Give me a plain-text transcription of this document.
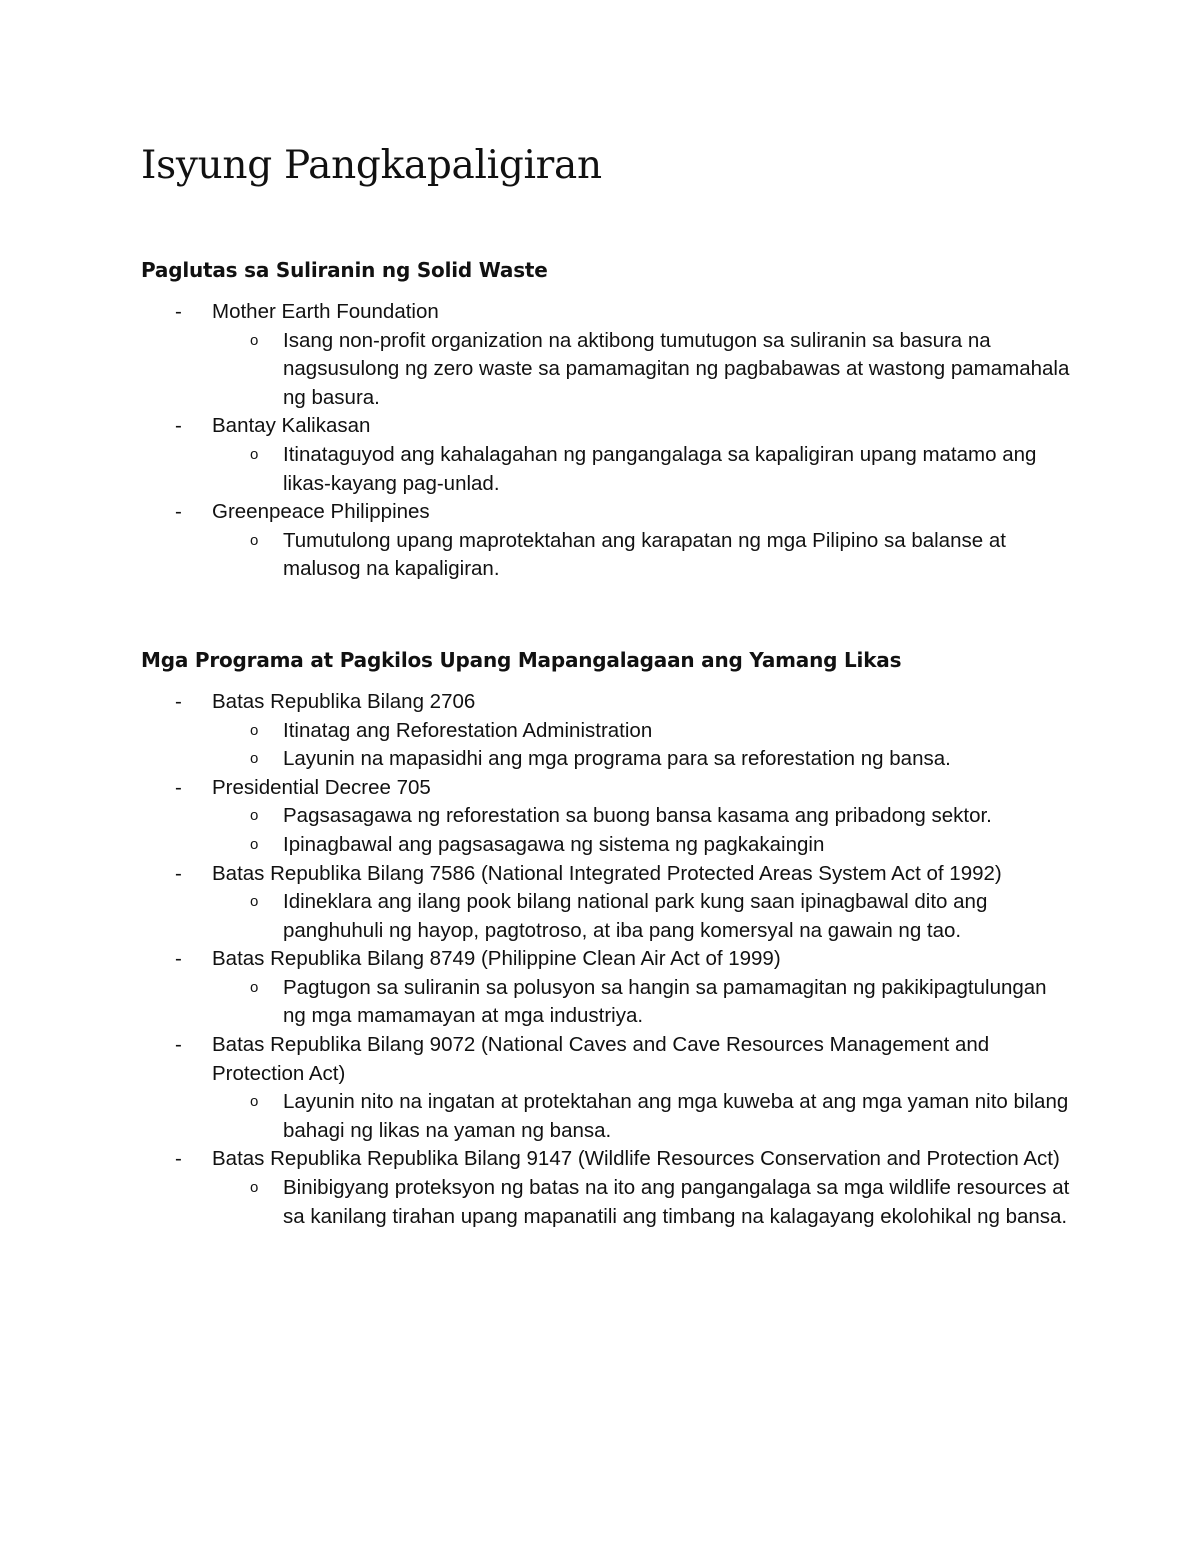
Isyung Pangkapaligiran
Paglutas sa Suliranin ng Solid Waste
- Mother Earth Foundation
o Isang non-profit organization na aktibong tumutugon sa suliranin sa basura na nagsusulong ng zero waste sa pamamagitan ng pagbabawas at wastong pamamahala ng basura.
- Bantay Kalikasan
o Itinataguyod ang kahalagahan ng pangangalaga sa kapaligiran upang matamo ang likas-kayang pag-unlad.
- Greenpeace Philippines
o Tumutulong upang maprotektahan ang karapatan ng mga Pilipino sa balanse at malusog na kapaligiran.
Mga Programa at Pagkilos Upang Mapangalagaan ang Yamang Likas
- Batas Republika Bilang 2706
o Itinatag ang Reforestation Administration
o Layunin na mapasidhi ang mga programa para sa reforestation ng bansa.
- Presidential Decree 705
o Pagsasagawa ng reforestation sa buong bansa kasama ang pribadong sektor.
o Ipinagbawal ang pagsasagawa ng sistema ng pagkakaingin
- Batas Republika Bilang 7586 (National Integrated Protected Areas System Act of 1992)
o Idineklara ang ilang pook bilang national park kung saan ipinagbawal dito ang panghuhuli ng hayop, pagtotroso, at iba pang komersyal na gawain ng tao.
- Batas Republika Bilang 8749 (Philippine Clean Air Act of 1999)
o Pagtugon sa suliranin sa polusyon sa hangin sa pamamagitan ng pakikipagtulungan ng mga mamamayan at mga industriya.
- Batas Republika Bilang 9072 (National Caves and Cave Resources Management and Protection Act)
o Layunin nito na ingatan at protektahan ang mga kuweba at ang mga yaman nito bilang bahagi ng likas na yaman ng bansa.
- Batas Republika Republika Bilang 9147 (Wildlife Resources Conservation and Protection Act)
o Binibigyang proteksyon ng batas na ito ang pangangalaga sa mga wildlife resources at sa kanilang tirahan upang mapanatili ang timbang na kalagayang ekolohikal ng bansa.
